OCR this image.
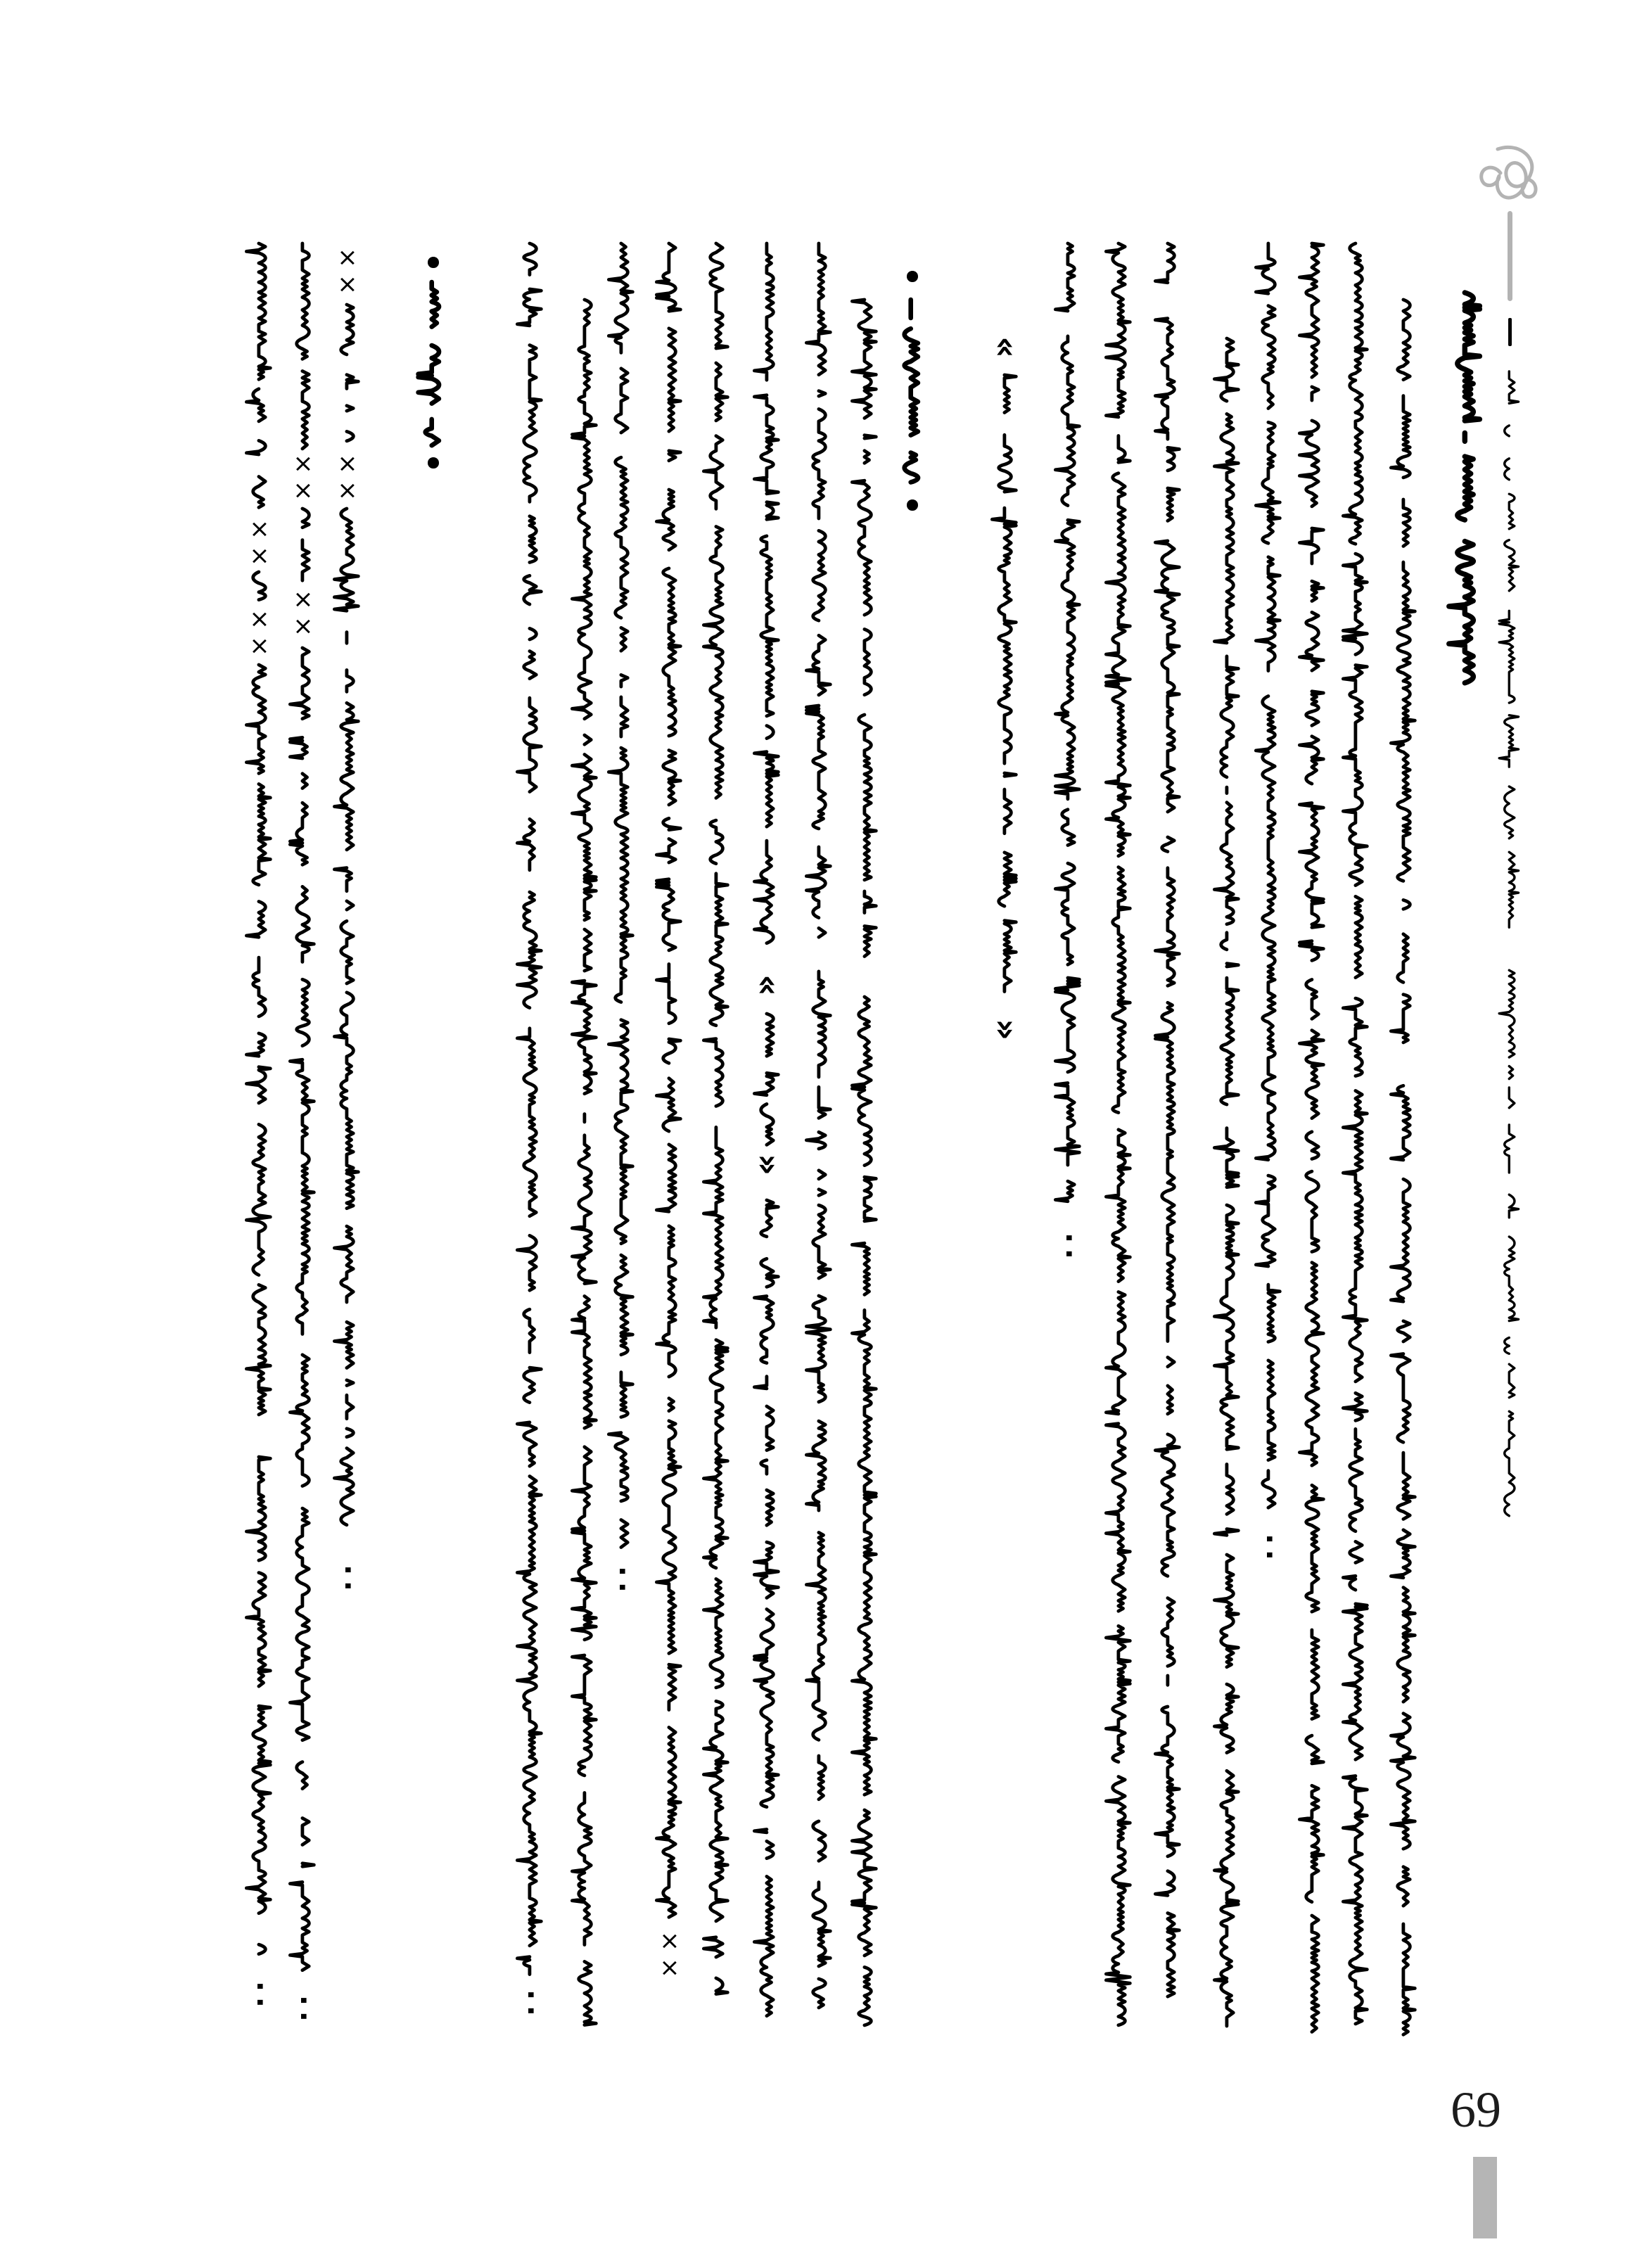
··
··
«
»
«
»
××
··
··
××
××
··
××
××
··
××
××
··
69
